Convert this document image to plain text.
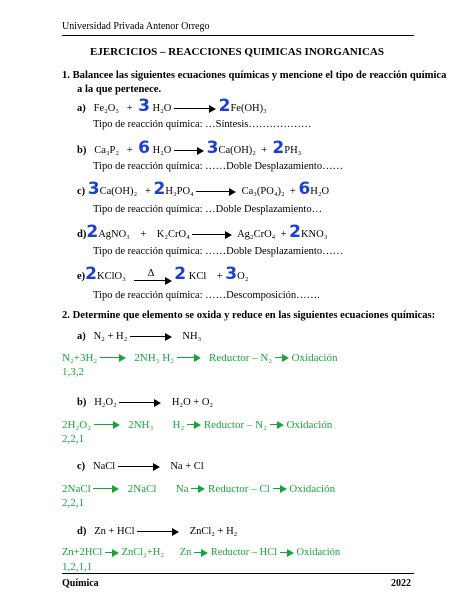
Universidad Privada Antenor Orrego
EJERCICIOS – REACCIONES QUIMICAS INORGANICAS
1. Balancee las siguientes ecuaciones químicas y mencione el tipo de reacción química
a la que pertenece.
a) Fe₂O₃ + 3 H₂O	2Fe(OH)₃
Tipo de reacción química: …Síntesis………………
b) Ca₃P₂ + 6 H₂O 3Ca(OH)₂ + 2PH₃
Tipo de reacción química: ……Doble Desplazamiento……
c) 3Ca(OH)₂ + 2H₃PO₄	Ca₃(PO₄)₂ + 6H₂O
Tipo de reacción química: …Doble Desplazamiento…
d)2AgNO₃ + K₂CrO₄	Ag₂CrO₄ + 2KNO₃
Tipo de reacción química: ……Doble Desplazamiento……
e)2KClO₃ Δ 2 KCl + 3O₂
Tipo de reacción química: ……Descomposición…….
2. Determine que elemento se oxida y reduce en las siguientes ecuaciones químicas:
a) N₂ + H₂	NH₃
N₂+3H₂	2NH₃ H₂	Reductor – N₂ Oxidación
1,3,2
b) H₂O₂	H₂O + O₂
2H₂O₂	2NH₃ H₂ Reductor – N₂ Oxidación
2,2,1
c) NaCl	Na + Cl
2NaCl	2NaCl Na Reductor – Cl Oxidación
2,2,1
d) Zn + HCl	ZnCl₂ + H₂
Zn+2HCl ZnCl₂+H₂ Zn Reductor – HCl Oxidación
1,2,1,1
Química	2022
